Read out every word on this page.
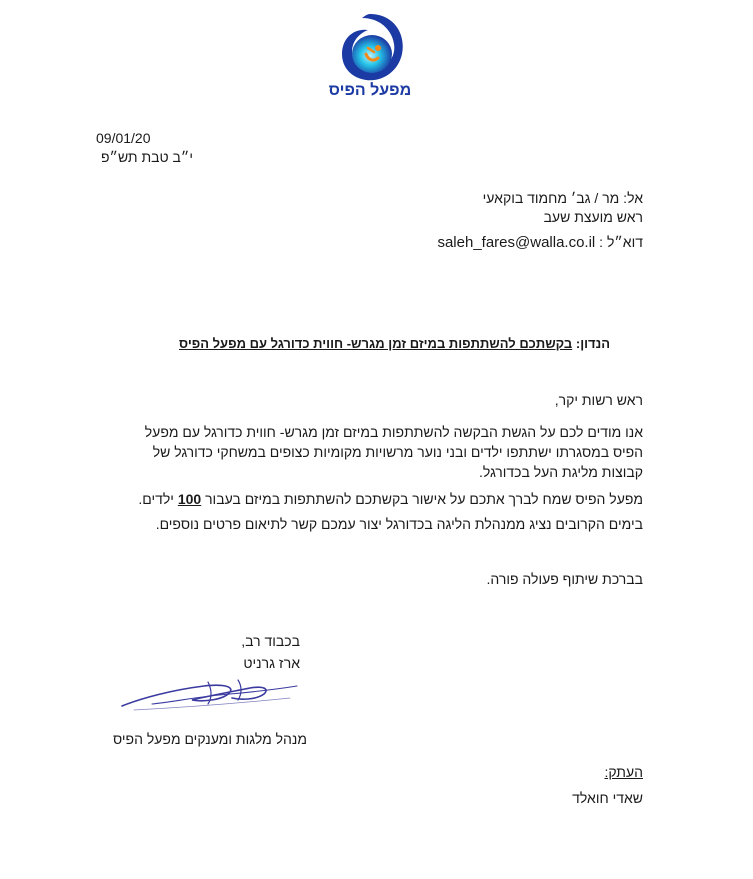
מפעל הפיס
09/01/20
י״ב טבת תש״פ
אל: מר / גב׳ מחמוד בוקאעי
ראש מועצת שעב
דוא״ל : saleh_fares@walla.co.il
הנדון: בקשתכם להשתתפות במיזם זמן מגרש- חווית כדורגל עם מפעל הפיס
ראש רשות יקר,
אנו מודים לכם על הגשת הבקשה להשתתפות במיזם זמן מגרש- חווית כדורגל עם מפעל הפיס במסגרתו ישתתפו ילדים ובני נוער מרשויות מקומיות כצופים במשחקי כדורגל של קבוצות מליגת העל בכדורגל.
מפעל הפיס שמח לברך אתכם על אישור בקשתכם להשתתפות במיזם בעבור 100 ילדים.
בימים הקרובים נציג ממנהלת הליגה בכדורגל יצור עמכם קשר לתיאום פרטים נוספים.
בברכת שיתוף פעולה פורה.
בכבוד רב,
ארז גרניט
מנהל מלגות ומענקים מפעל הפיס
העתק:
שאדי חואלד
